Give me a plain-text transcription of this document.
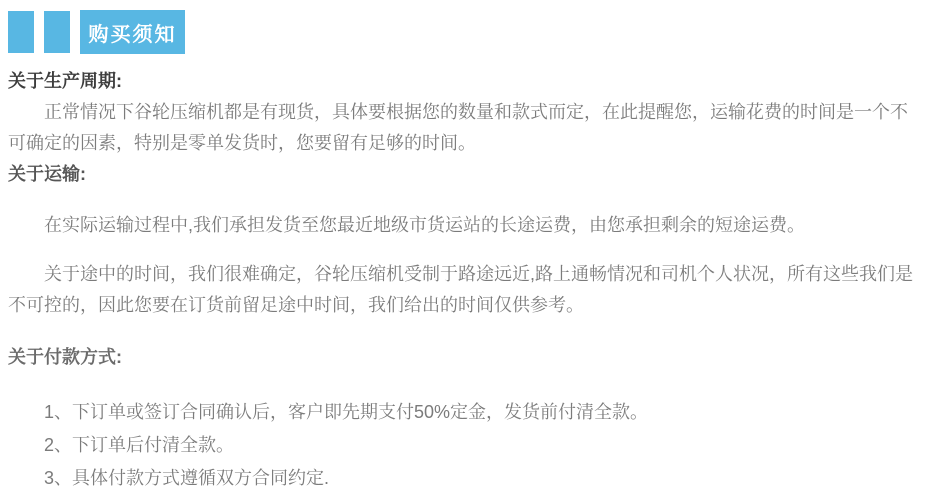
购买须知
关于生产周期:

正常情况下谷轮压缩机都是有现货，具体要根据您的数量和款式而定，在此提醒您，运输花费的时间是一个不可确定的因素，特别是零单发货时，您要留有足够的时间。

关于运输:

在实际运输过程中,我们承担发货至您最近地级市货运站的长途运费，由您承担剩余的短途运费。

关于途中的时间，我们很难确定，谷轮压缩机受制于路途远近,路上通畅情况和司机个人状况，所有这些我们是不可控的，因此您要在订货前留足途中时间，我们给出的时间仅供参考。

关于付款方式:

1、下订单或签订合同确认后，客户即先期支付50%定金，发货前付清全款。

2、下订单后付清全款。

3、具体付款方式遵循双方合同约定.
